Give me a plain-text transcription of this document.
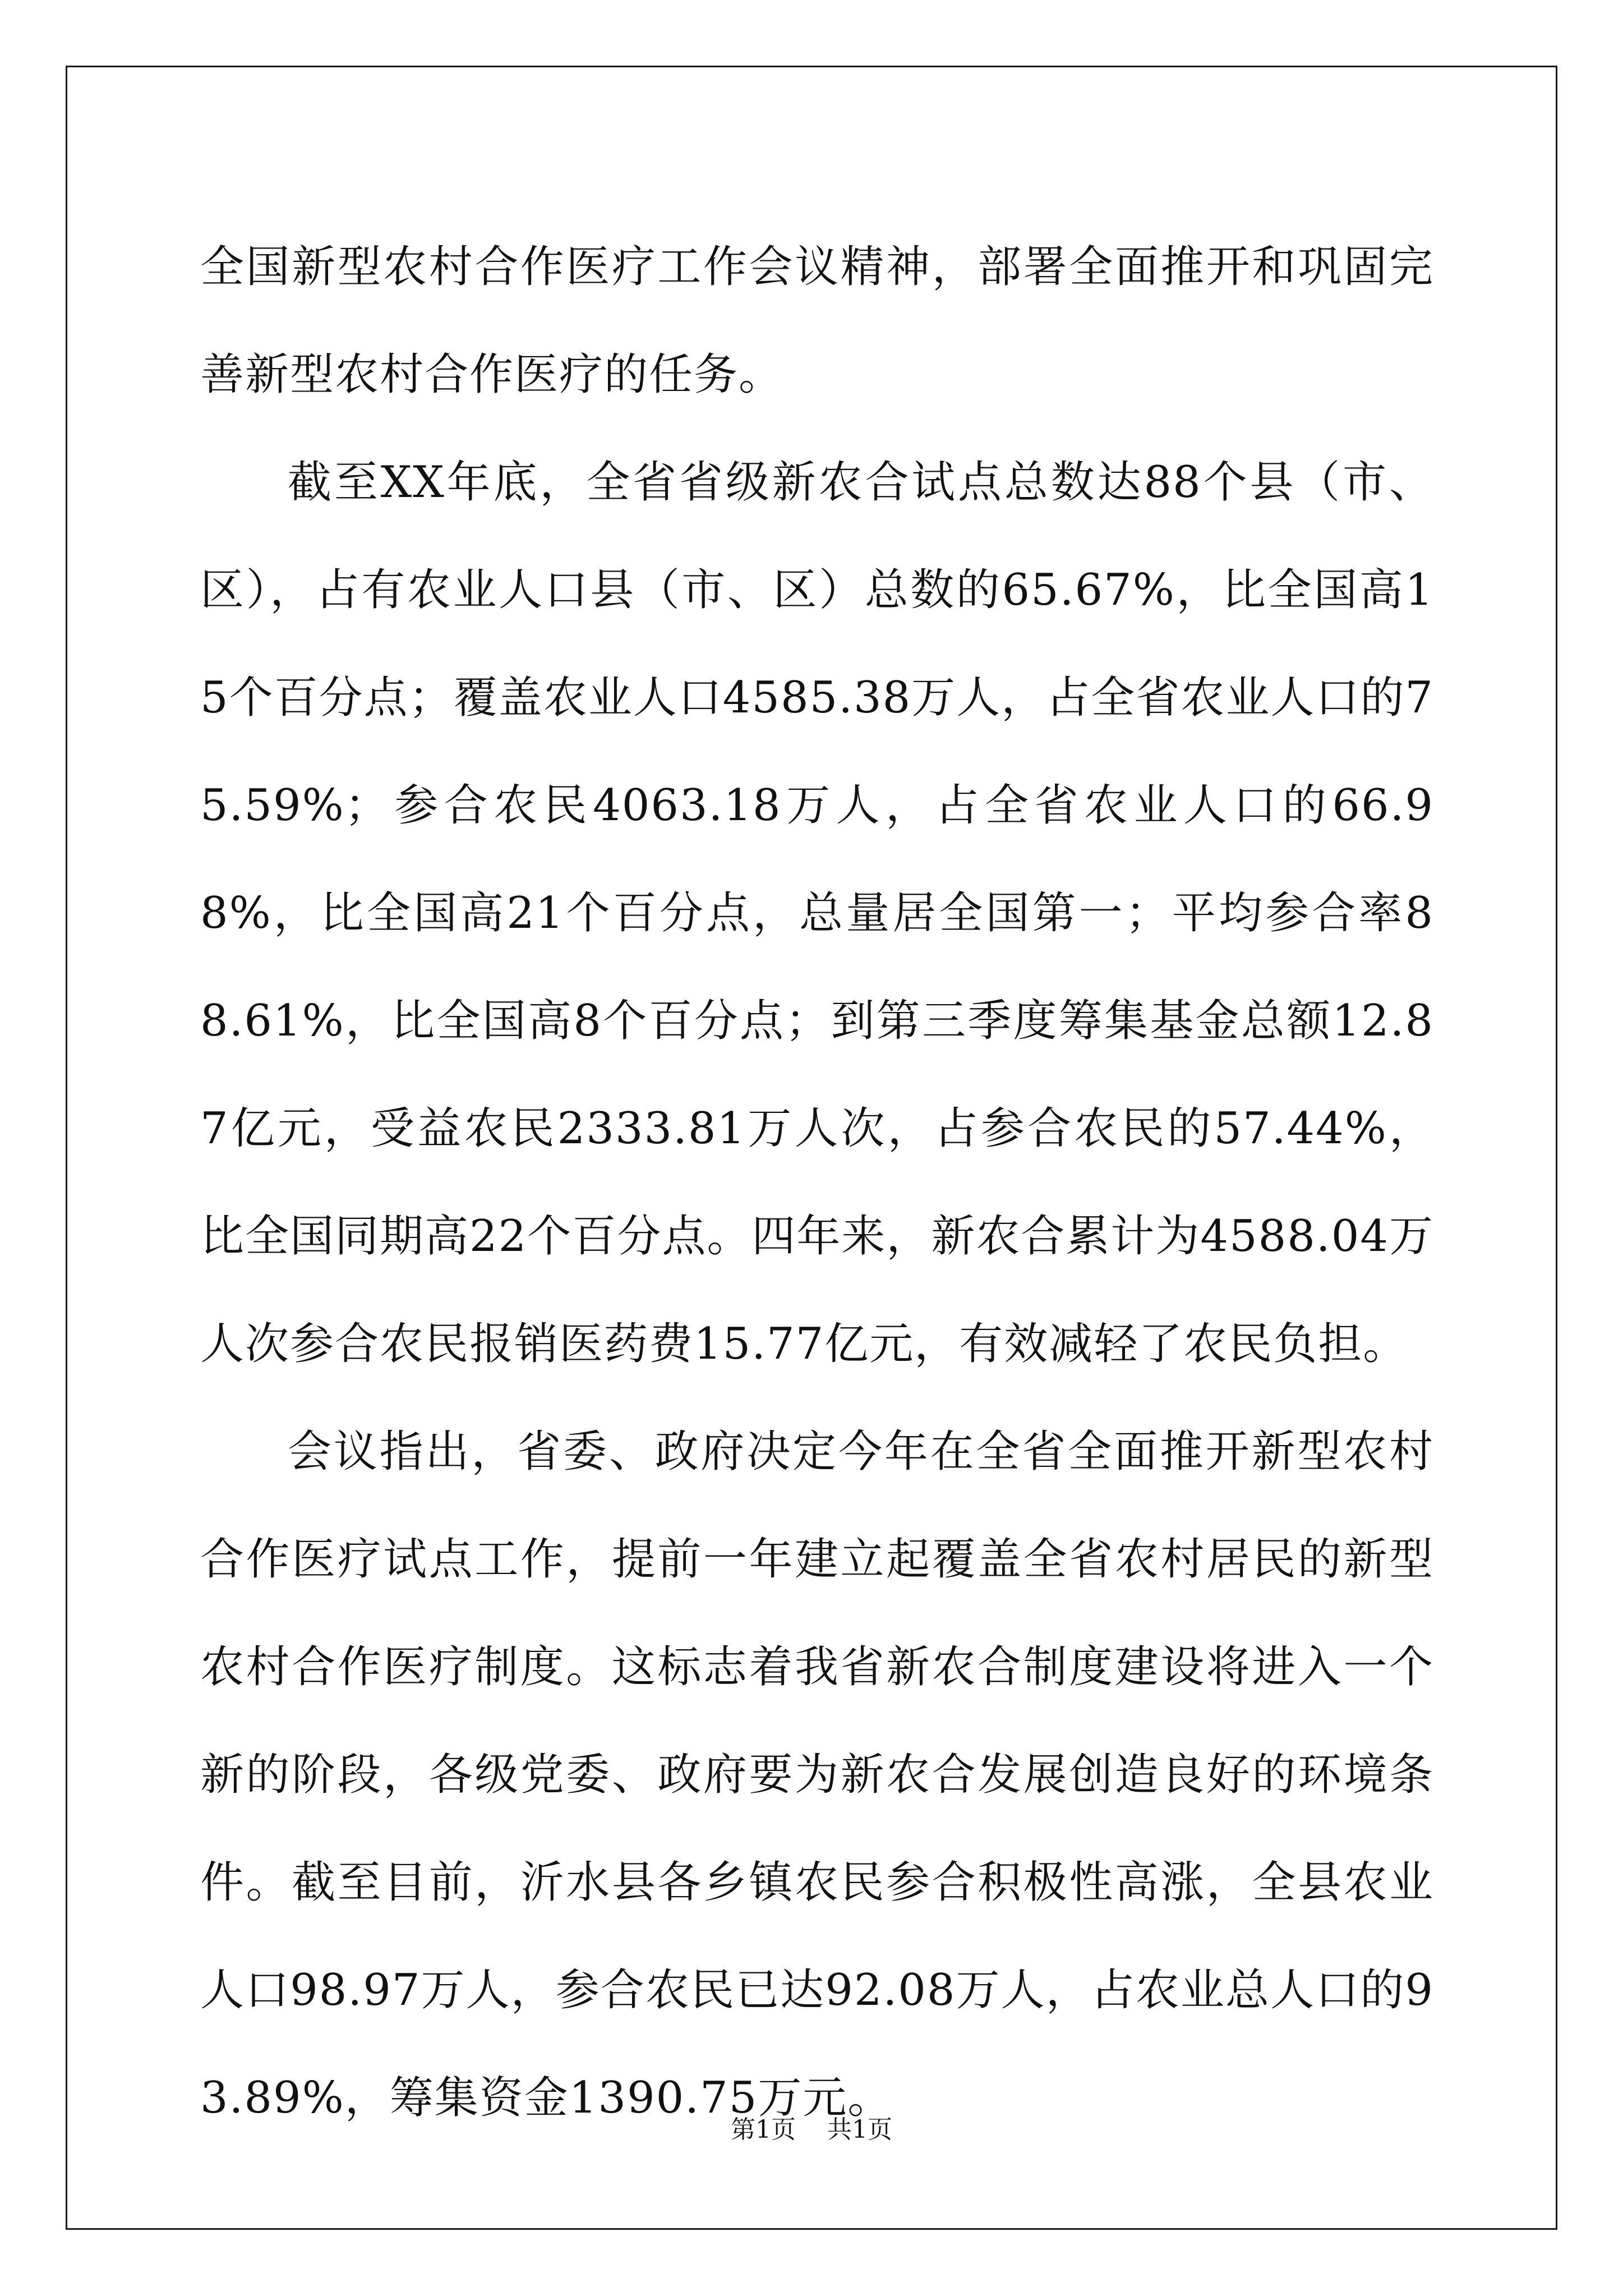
全国新型农村合作医疗工作会议精神，部署全面推开和巩固完善新型农村合作医疗的任务。

截至XX年底，全省省级新农合试点总数达88个县（市、区），占有农业人口县（市、区）总数的65.67%，比全国高15个百分点；覆盖农业人口4585.38万人，占全省农业人口的75.59%；参合农民4063.18万人，占全省农业人口的66.98%，比全国高21个百分点，总量居全国第一；平均参合率88.61%，比全国高8个百分点；到第三季度筹集基金总额12.87亿元，受益农民2333.81万人次，占参合农民的57.44%，比全国同期高22个百分点。四年来，新农合累计为4588.04万人次参合农民报销医药费15.77亿元，有效减轻了农民负担。

会议指出，省委、政府决定今年在全省全面推开新型农村合作医疗试点工作，提前一年建立起覆盖全省农村居民的新型农村合作医疗制度。这标志着我省新农合制度建设将进入一个新的阶段，各级党委、政府要为新农合发展创造良好的环境条件。截至目前，沂水县各乡镇农民参合积极性高涨，全县农业人口98.97万人，参合农民已达92.08万人，占农业总人口的93.89%，筹集资金1390.75万元。

第1页 共1页
